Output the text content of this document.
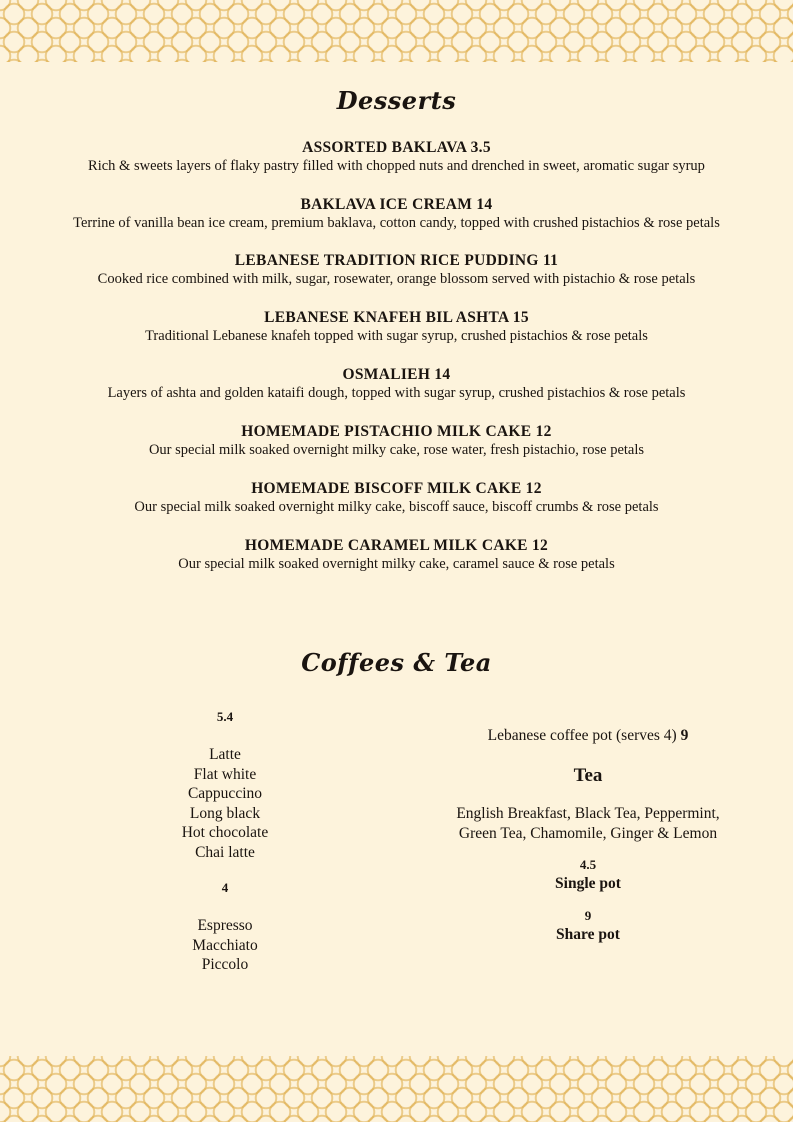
Desserts
ASSORTED BAKLAVA 3.5
Rich & sweets layers of flaky pastry filled with chopped nuts and drenched in sweet, aromatic sugar syrup
BAKLAVA ICE CREAM 14
Terrine of vanilla bean ice cream, premium baklava, cotton candy, topped with crushed pistachios & rose petals
LEBANESE TRADITION RICE PUDDING 11
Cooked rice combined with milk, sugar, rosewater, orange blossom served with pistachio & rose petals
LEBANESE KNAFEH BIL ASHTA 15
Traditional Lebanese knafeh topped with sugar syrup, crushed pistachios & rose petals
OSMALIEH 14
Layers of ashta and golden kataifi dough, topped with sugar syrup, crushed pistachios & rose petals
HOMEMADE PISTACHIO MILK CAKE 12
Our special milk soaked overnight milky cake, rose water, fresh pistachio, rose petals
HOMEMADE BISCOFF MILK CAKE 12
Our special milk soaked overnight milky cake, biscoff sauce, biscoff crumbs & rose petals
HOMEMADE CARAMEL MILK CAKE 12
Our special milk soaked overnight milky cake, caramel sauce & rose petals
Coffees & Tea
5.4
Latte
Flat white
Cappuccino
Long black
Hot chocolate
Chai latte
4
Espresso
Macchiato
Piccolo
Lebanese coffee pot (serves 4) 9
Tea
English Breakfast, Black Tea, Peppermint,
Green Tea, Chamomile, Ginger & Lemon
4.5
Single pot
9
Share pot
